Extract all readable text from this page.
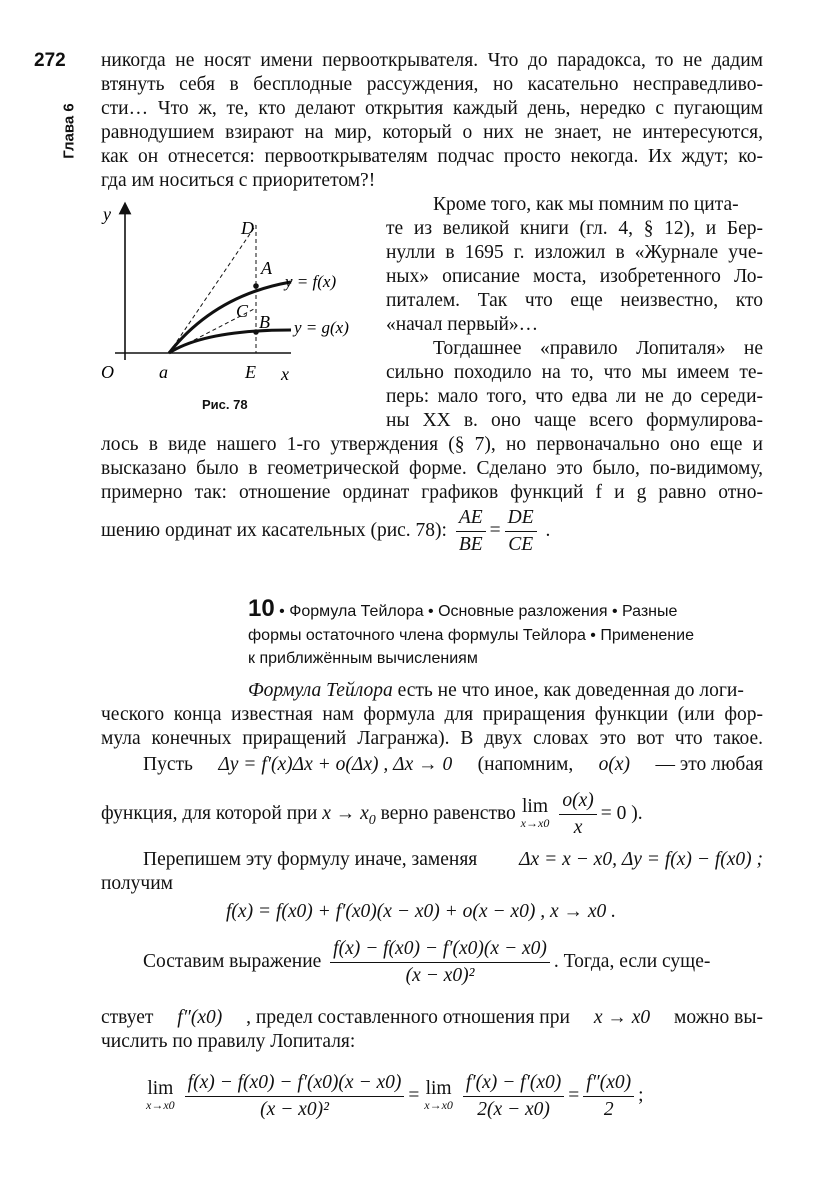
272
Глава 6
никогда не носят имени первооткрывателя. Что до парадокса, то не дадим
втянуть себя в бесплодные рассуждения, но касательно несправедливо-
сти… Что ж, те, кто делают открытия каждый день, нередко с пугающим
равнодушием взирают на мир, который о них не знает, не интересуются,
как он отнесется: первооткрывателям подчас просто некогда. Их ждут; ко-
гда им носиться с приоритетом?!
y
x
O	a	E
D
A
C
B
y = f(x)
y = g(x)
Рис. 78
Кроме того, как мы помним по цита-
те из великой книги (гл. 4, § 12), и Бер-
нулли в 1695 г. изложил в «Журнале уче-
ных» описание моста, изобретенного Ло-
питалем. Так что еще неизвестно, кто
«начал первый»…
Тогдашнее «правило Лопиталя» не
сильно походило на то, что мы имеем те-
перь: мало того, что едва ли не до середи-
ны XX в. оно чаще всего формулирова-
лось в виде нашего 1-го утверждения (§ 7), но первоначально оно еще и
высказано было в геометрической форме. Сделано это было, по-видимому,
примерно так: отношение ординат графиков функций f и g равно отно-
шению ординат их касательных (рис. 78): $\frac{AE}{BE} = \frac{DE}{CE}$ .
10 • Формула Тейлора • Основные разложения • Разные
формы остаточного члена формулы Тейлора • Применение
к приближённым вычислениям
Формула Тейлора есть не что иное, как доведенная до логи-
ческого конца известная нам формула для приращения функции (или фор-
мула конечных приращений Лагранжа). В двух словах это вот что такое.
Пусть Δy = f′(x)Δx + o(Δx) , Δx → 0 (напомним, o(x) — это любая
функция, для которой при $x \to x_0$ верно равенство lim
$x\to x0 \frac{o(x)}{x} = 0$ ).
Перепишем эту формулу иначе, заменяя Δx = x − x0, Δy = f(x) − f(x0) ;
получим
f(x) = f(x0) + f′(x0)(x − x0) + o(x − x0) , x → x0 .
Составим выражение $\frac{f(x) - f(x0) - f'(x0)(x - x0)}{\text{(x − x0)²}}$ . Тогда, если суще-
ствует f″(x0) , предел составленного отношения при x → x0 можно вы-
числить по правилу Лопиталя:
lim
$x\to x0 \frac{f(x) - f(x0) - f'(x0)(x - x0)}{\text{(x − x0)²}} = \lim$
$x\to x0 \frac{f'(x) - f'(x0)}{2(x - x0)} = \frac{f''(x0)}{2}$ ;
